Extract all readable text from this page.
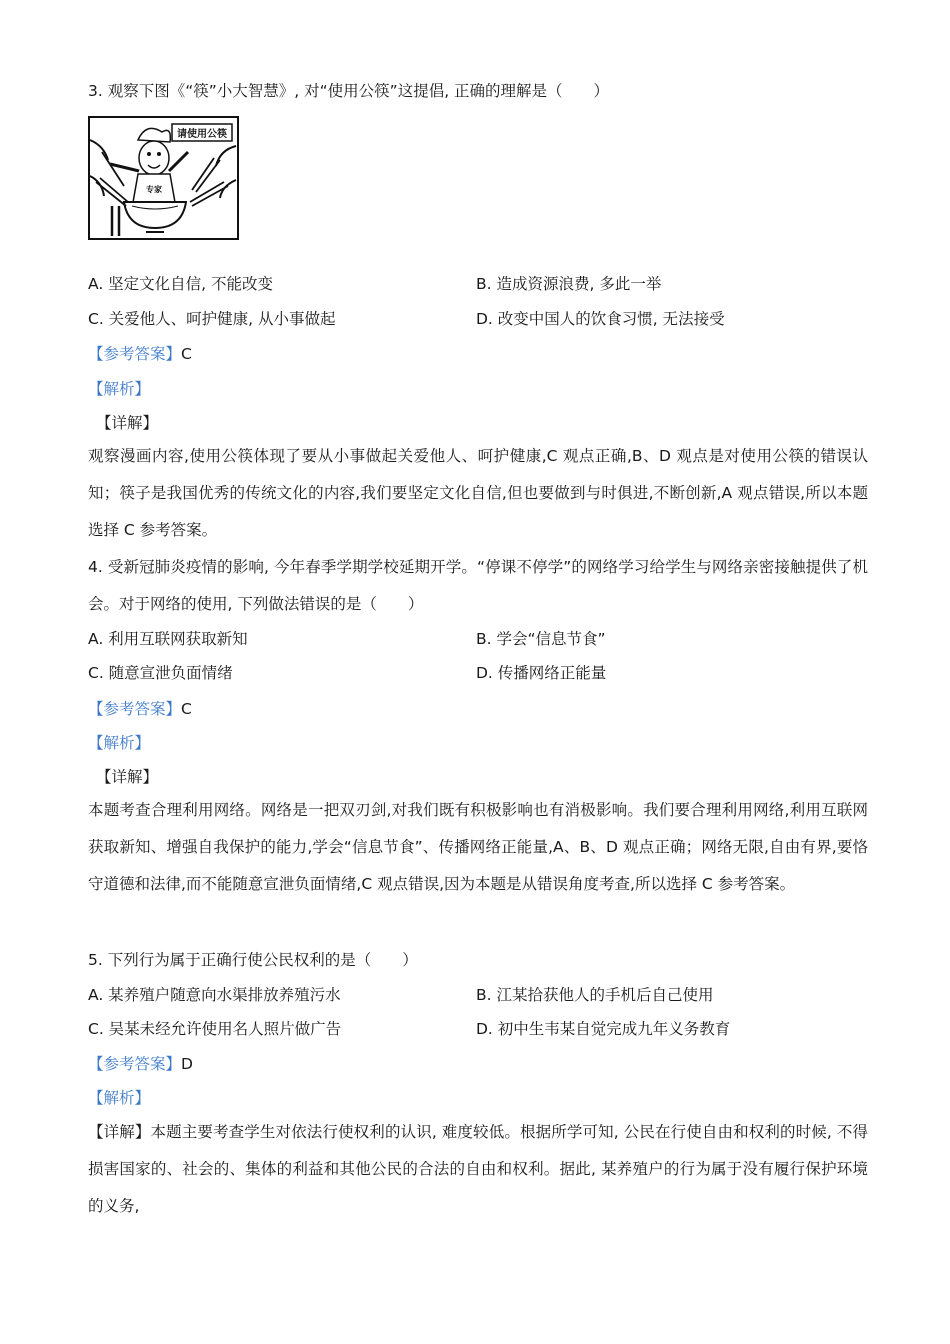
3. 观察下图《“筷”小大智慧》, 对“使用公筷”这提倡, 正确的理解是（　　）
请使用公筷
专家
A. 坚定文化自信, 不能改变	B. 造成资源浪费, 多此一举
C. 关爱他人、呵护健康, 从小事做起	D. 改变中国人的饮食习惯, 无法接受
【参考答案】C
【解析】
【详解】
观察漫画内容,使用公筷体现了要从小事做起关爱他人、呵护健康,C 观点正确,B、D 观点是对使用公筷的错误认知；筷子是我国优秀的传统文化的内容,我们要坚定文化自信,但也要做到与时俱进,不断创新,A 观点错误,所以本题选择 C 参考答案。
4. 受新冠肺炎疫情的影响, 今年春季学期学校延期开学。“停课不停学”的网络学习给学生与网络亲密接触提供了机会。对于网络的使用, 下列做法错误的是（　　）
A. 利用互联网获取新知	B. 学会“信息节食”
C. 随意宣泄负面情绪	D. 传播网络正能量
【参考答案】C
【解析】
【详解】
本题考查合理利用网络。网络是一把双刃剑,对我们既有积极影响也有消极影响。我们要合理利用网络,利用互联网获取新知、增强自我保护的能力,学会“信息节食”、传播网络正能量,A、B、D 观点正确；网络无限,自由有界,要恪守道德和法律,而不能随意宣泄负面情绪,C 观点错误,因为本题是从错误角度考查,所以选择 C 参考答案。
5. 下列行为属于正确行使公民权利的是（　　）
A. 某养殖户随意向水渠排放养殖污水	B. 江某拾获他人的手机后自己使用
C. 吴某未经允许使用名人照片做广告	D. 初中生韦某自觉完成九年义务教育
【参考答案】D
【解析】
【详解】本题主要考查学生对依法行使权利的认识, 难度较低。根据所学可知, 公民在行使自由和权利的时候, 不得损害国家的、社会的、集体的利益和其他公民的合法的自由和权利。据此, 某养殖户的行为属于没有履行保护环境的义务,
